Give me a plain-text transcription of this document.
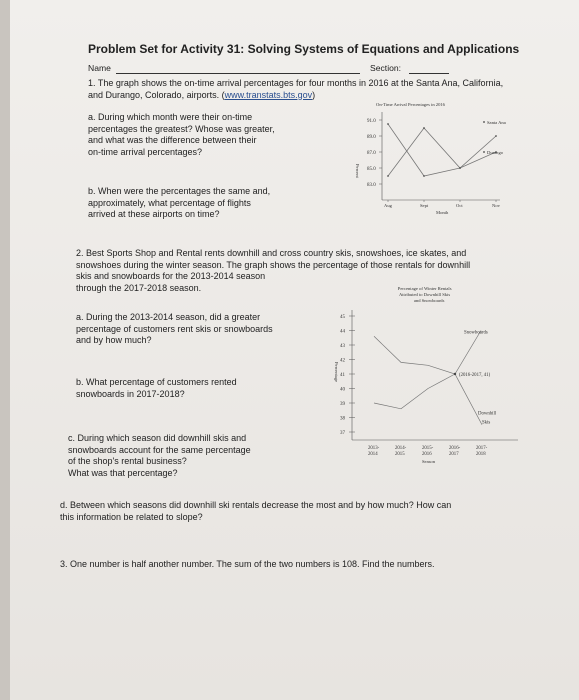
Problem Set for Activity 31: Solving Systems of Equations and Applications
Name	Section:
1. The graph shows the on-time arrival percentages for four months in 2016 at the Santa Ana, California,
and Durango, Colorado, airports. (www.transtats.bts.gov)
a. During which month were their on-time
percentages the greatest? Whose was greater,
and what was the difference between their
on-time arrival percentages?
b. When were the percentages the same and,
approximately, what percentage of flights
arrived at these airports on time?
On-Time Arrival Percentages in 2016
91.0
89.0
87.0
85.0
83.0
Aug	Sept	Oct	Nov
Month
Percent
Santa Ana
Durango
2. Best Sports Shop and Rental rents downhill and cross country skis, snowshoes, ice skates, and
snowshoes during the winter season. The graph shows the percentage of those rentals for downhill
skis and snowboards for the 2013-2014 season
through the 2017-2018 season.
a. During the 2013-2014 season, did a greater
percentage of customers rent skis or snowboards
and by how much?
b. What percentage of customers rented
snowboards in 2017-2018?
c. During which season did downhill skis and
snowboards account for the same percentage
of the shop's rental business?
What was that percentage?
Percentage of Winter Rentals
Attributed to Downhill Skis
and Snowboards
45
44
43
42
41
40
39
38
37
Percentage
2013-
2014
2014-
2015
2015-
2016
2016-
2017
2017-
2018
Season
Snowboards
Downhill
Skis
(2016-2017, 41)
d. Between which seasons did downhill ski rentals decrease the most and by how much? How can
this information be related to slope?
3. One number is half another number. The sum of the two numbers is 108. Find the numbers.
